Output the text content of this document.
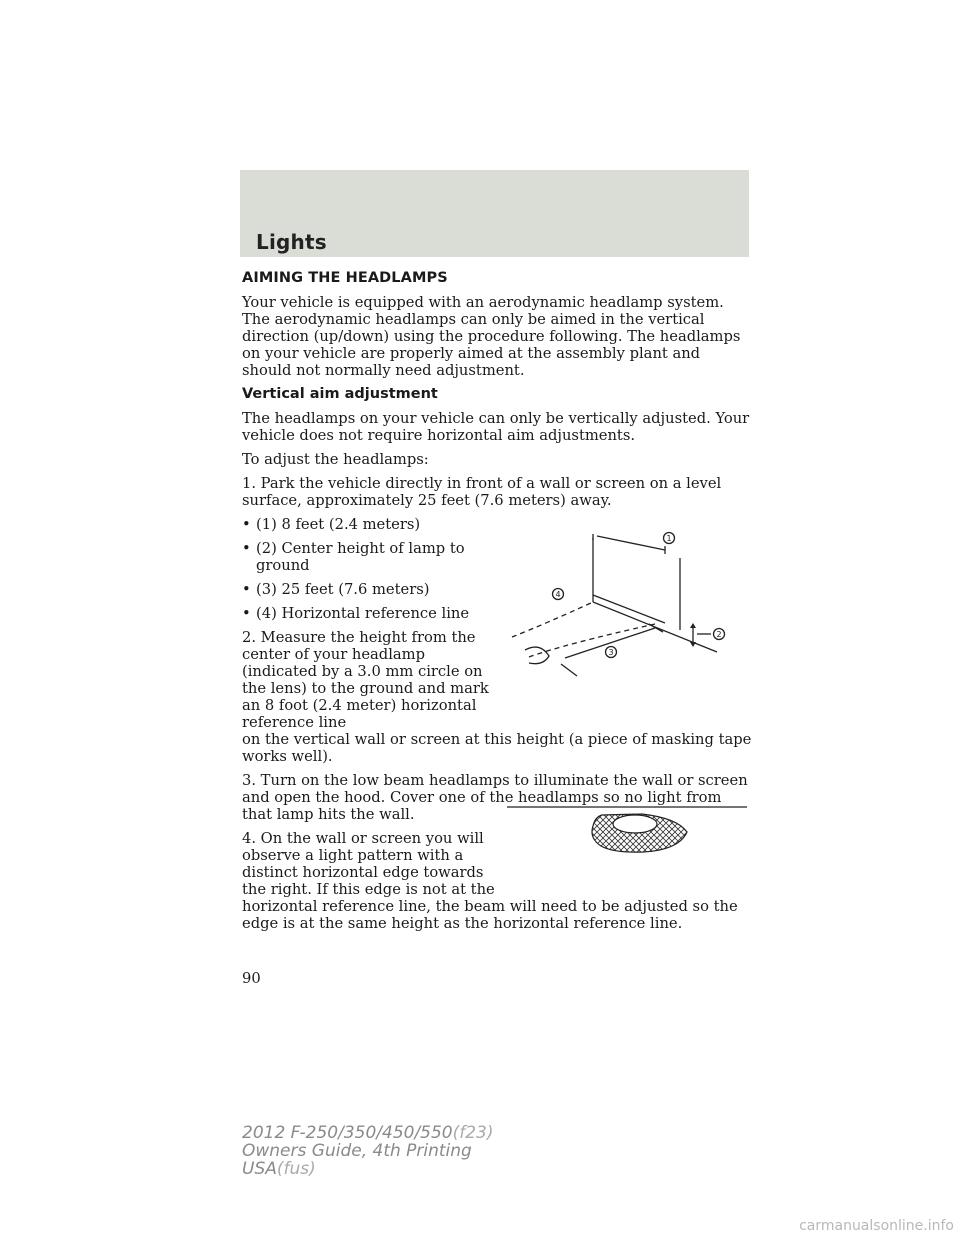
Lights
AIMING THE HEADLAMPS

Your vehicle is equipped with an aerodynamic headlamp system. The aerodynamic headlamps can only be aimed in the vertical direction (up/down) using the procedure following. The headlamps on your vehicle are properly aimed at the assembly plant and should not normally need adjustment.

Vertical aim adjustment

The headlamps on your vehicle can only be vertically adjusted. Your vehicle does not require horizontal aim adjustments.

To adjust the headlamps:

1. Park the vehicle directly in front of a wall or screen on a level surface, approximately 25 feet (7.6 meters) away.

• (1) 8 feet (2.4 meters)
• (2) Center height of lamp to ground
• (3) 25 feet (7.6 meters)
• (4) Horizontal reference line

2. Measure the height from the center of your headlamp (indicated by a 3.0 mm circle on the lens) to the ground and mark an 8 foot (2.4 meter) horizontal reference line

on the vertical wall or screen at this height (a piece of masking tape works well).

3. Turn on the low beam headlamps to illuminate the wall or screen and open the hood. Cover one of the headlamps so no light from that lamp hits the wall.

4. On the wall or screen you will observe a light pattern with a distinct horizontal edge towards the right. If this edge is not at the

horizontal reference line, the beam will need to be adjusted so the edge is at the same height as the horizontal reference line.

1
2
3
4
90
2012 F-250/350/450/550(f23)
Owners Guide, 4th Printing
USA(fus)
carmanualsonline.info
